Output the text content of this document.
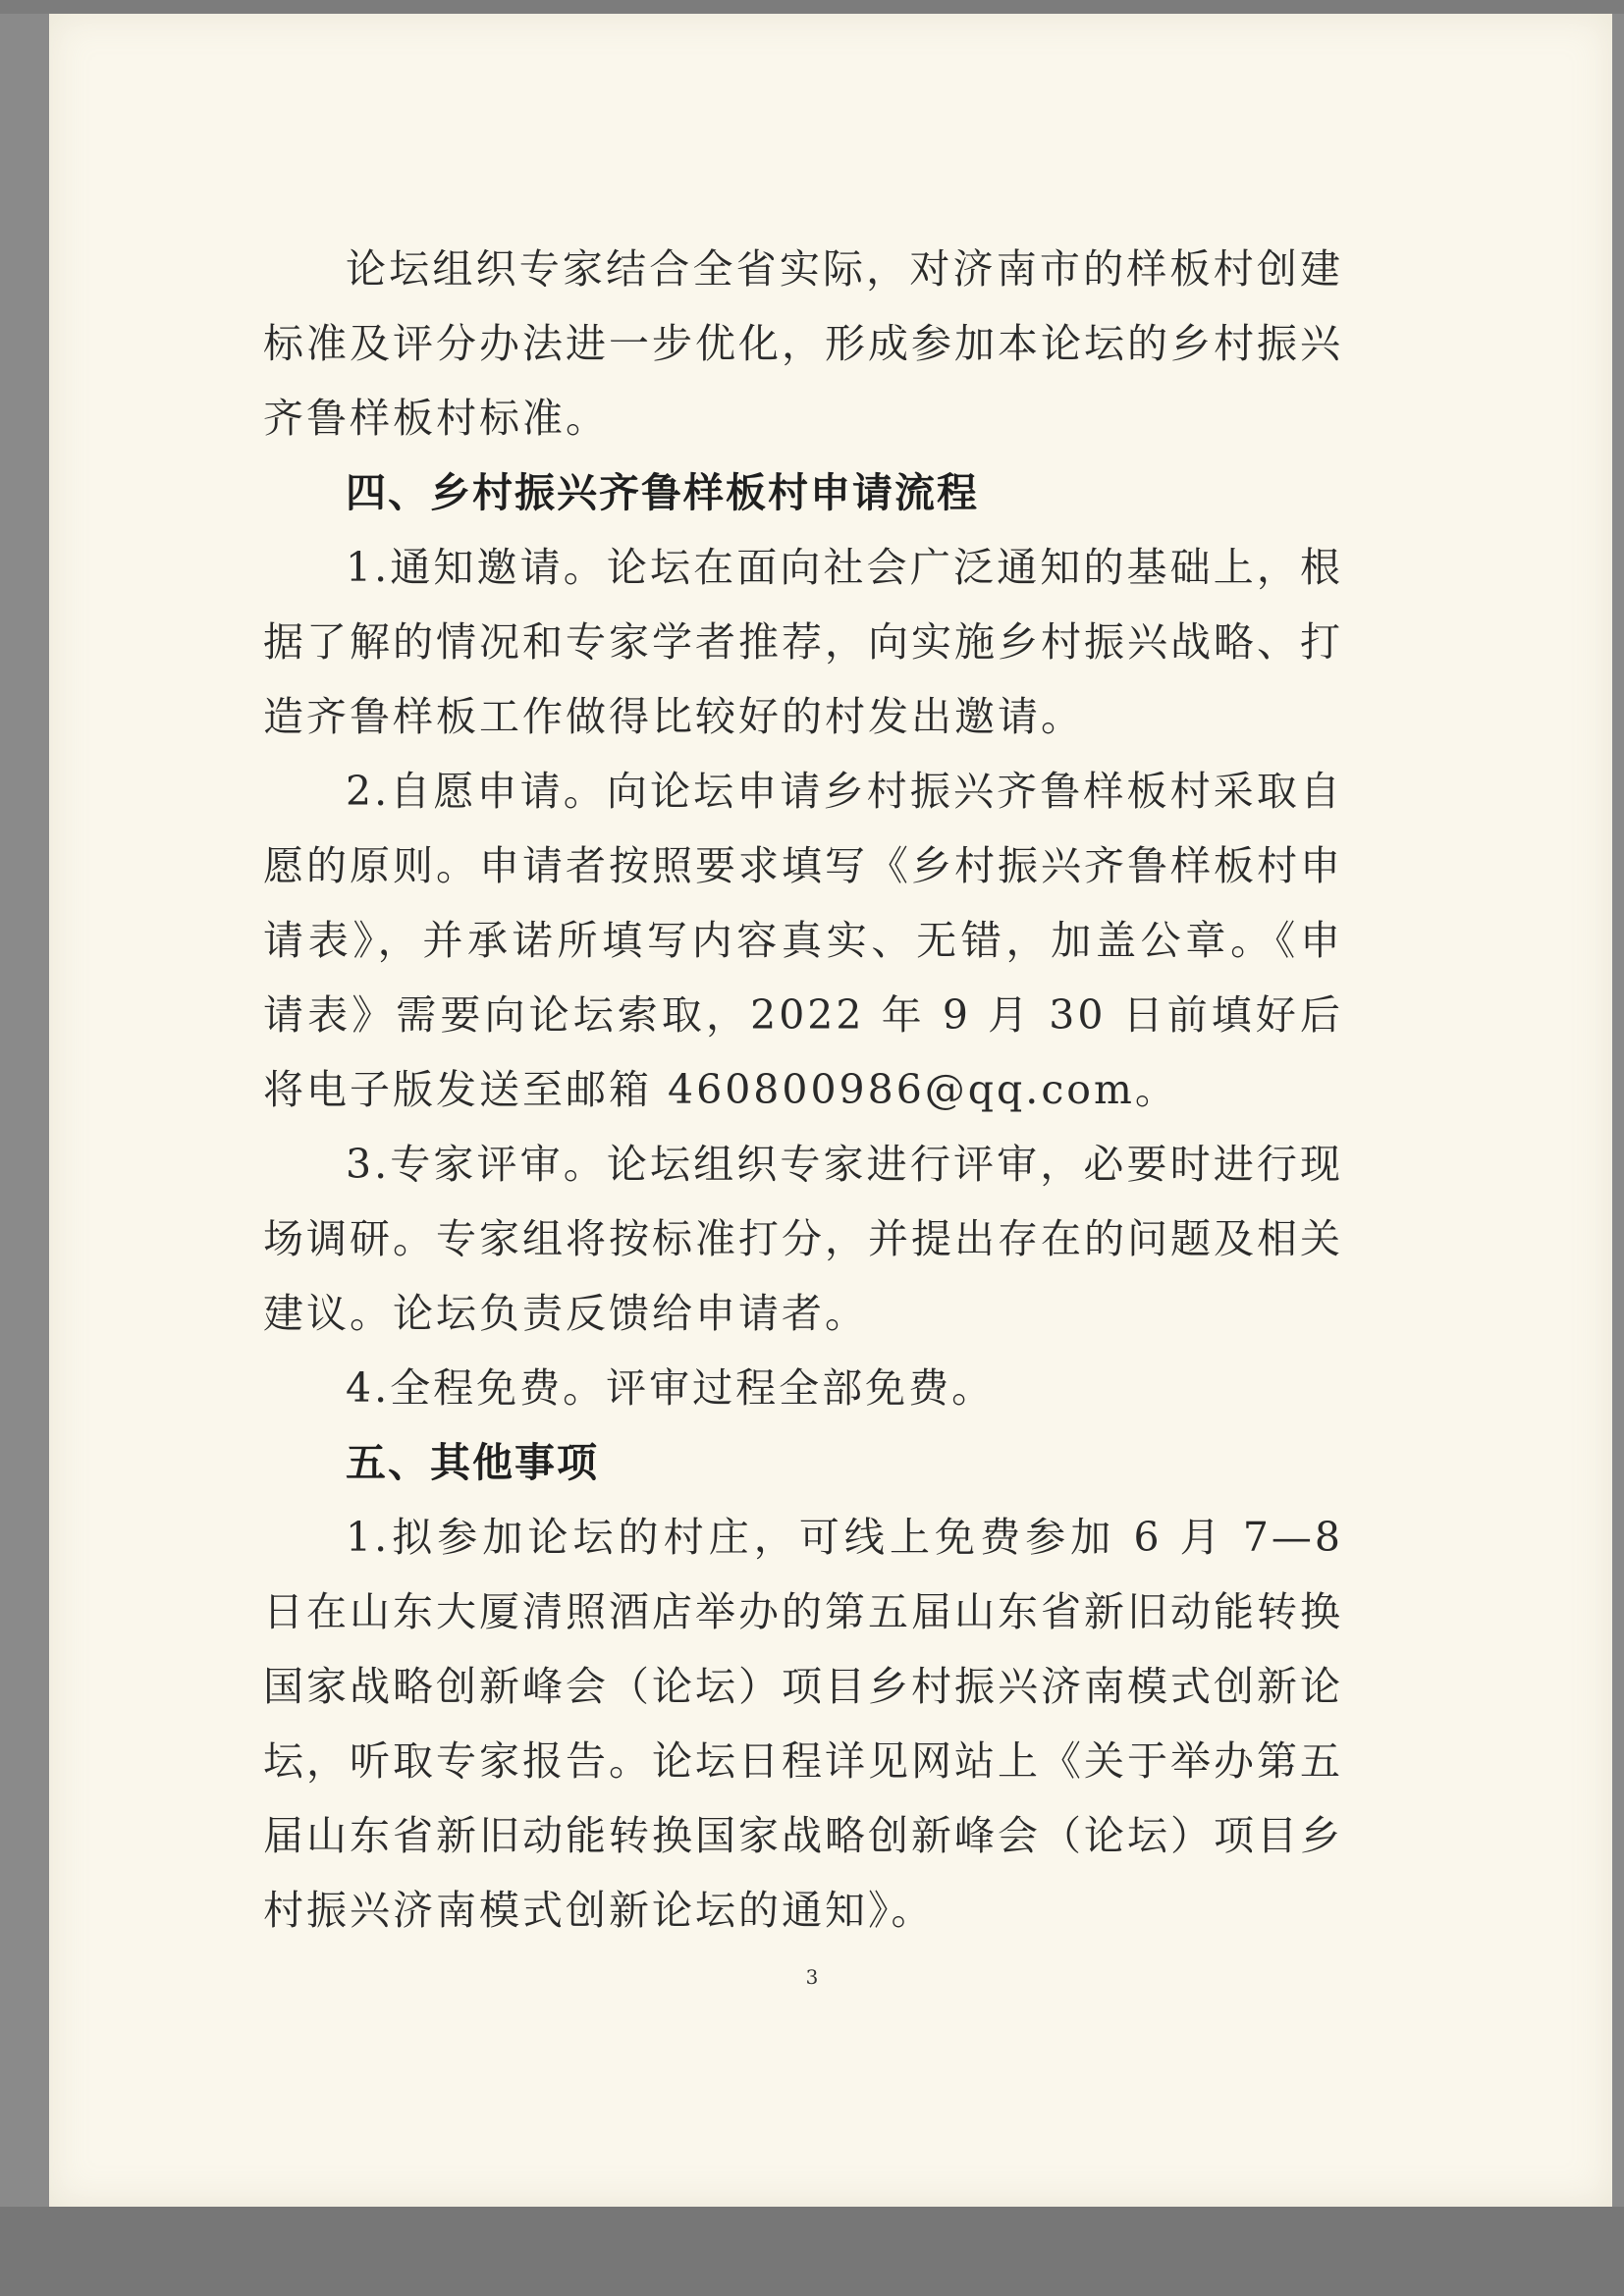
论坛组织专家结合全省实际，对济南市的样板村创建标准及评分办法进一步优化，形成参加本论坛的乡村振兴齐鲁样板村标准。

四、乡村振兴齐鲁样板村申请流程

1.通知邀请。论坛在面向社会广泛通知的基础上，根据了解的情况和专家学者推荐，向实施乡村振兴战略、打造齐鲁样板工作做得比较好的村发出邀请。

2.自愿申请。向论坛申请乡村振兴齐鲁样板村采取自愿的原则。申请者按照要求填写《乡村振兴齐鲁样板村申请表》，并承诺所填写内容真实、无错，加盖公章。《申请表》需要向论坛索取，2022 年 9 月 30 日前填好后将电子版发送至邮箱 460800986@qq.com。

3.专家评审。论坛组织专家进行评审，必要时进行现场调研。专家组将按标准打分，并提出存在的问题及相关建议。论坛负责反馈给申请者。

4.全程免费。评审过程全部免费。

五、其他事项

1.拟参加论坛的村庄，可线上免费参加 6 月 7—8 日在山东大厦清照酒店举办的第五届山东省新旧动能转换国家战略创新峰会（论坛）项目乡村振兴济南模式创新论坛，听取专家报告。论坛日程详见网站上《关于举办第五届山东省新旧动能转换国家战略创新峰会（论坛）项目乡村振兴济南模式创新论坛的通知》。

3
